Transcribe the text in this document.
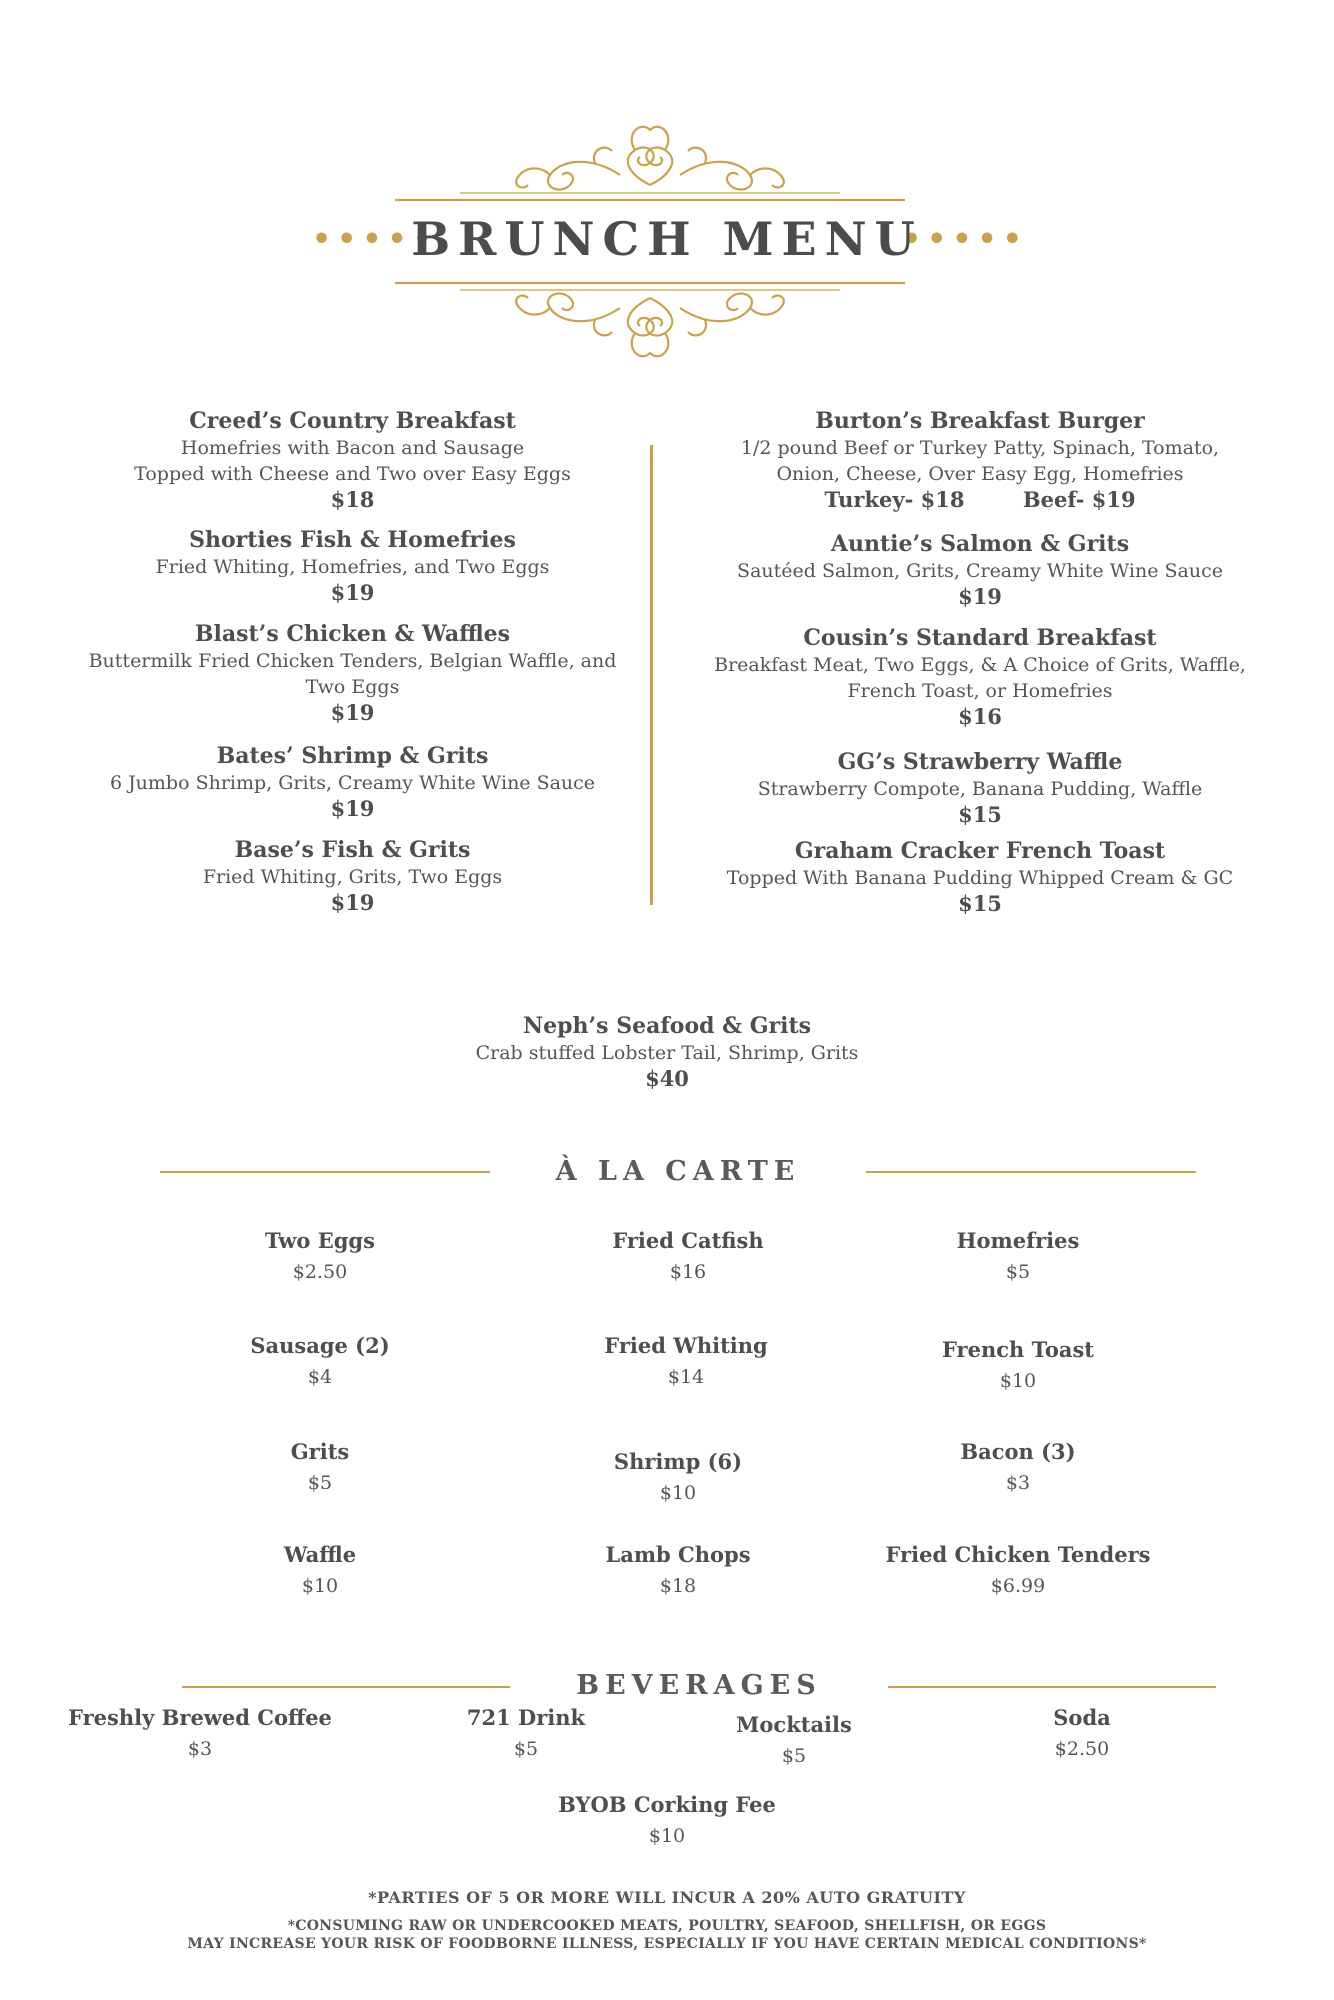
•••••	•••••
BRUNCH MENU
Creed’s Country Breakfast
Homefries with Bacon and Sausage
Topped with Cheese and Two over Easy Eggs
$18
Shorties Fish & Homefries
Fried Whiting, Homefries, and Two Eggs
$19
Blast’s Chicken & Waffles
Buttermilk Fried Chicken Tenders, Belgian Waffle, and
Two Eggs
$19
Bates’ Shrimp & Grits
6 Jumbo Shrimp, Grits, Creamy White Wine Sauce
$19
Base’s Fish & Grits
Fried Whiting, Grits, Two Eggs
$19
Burton’s Breakfast Burger
1/2 pound Beef or Turkey Patty, Spinach, Tomato,
Onion, Cheese, Over Easy Egg, Homefries
Turkey- $18        Beef- $19
Auntie’s Salmon & Grits
Sautéed Salmon, Grits, Creamy White Wine Sauce
$19
Cousin’s Standard Breakfast
Breakfast Meat, Two Eggs, & A Choice of Grits, Waffle,
French Toast, or Homefries
$16
GG’s Strawberry Waffle
Strawberry Compote, Banana Pudding, Waffle
$15
Graham Cracker French Toast
Topped With Banana Pudding Whipped Cream & GC
$15
Neph’s Seafood & Grits
Crab stuffed Lobster Tail, Shrimp, Grits
$40
À LA CARTE
Two Eggs
$2.50
Fried Catfish
$16
Homefries
$5
Sausage (2)
$4
Fried Whiting
$14
French Toast
$10
Grits
$5
Shrimp (6)
$10
Bacon (3)
$3
Waffle
$10
Lamb Chops
$18
Fried Chicken Tenders
$6.99
BEVERAGES
Freshly Brewed Coffee
$3
721 Drink
$5
Mocktails
$5
Soda
$2.50
BYOB Corking Fee
$10
*PARTIES OF 5 OR MORE WILL INCUR A 20% AUTO GRATUITY
*CONSUMING RAW OR UNDERCOOKED MEATS, POULTRY, SEAFOOD, SHELLFISH, OR EGGS
MAY INCREASE YOUR RISK OF FOODBORNE ILLNESS, ESPECIALLY IF YOU HAVE CERTAIN MEDICAL CONDITIONS*
